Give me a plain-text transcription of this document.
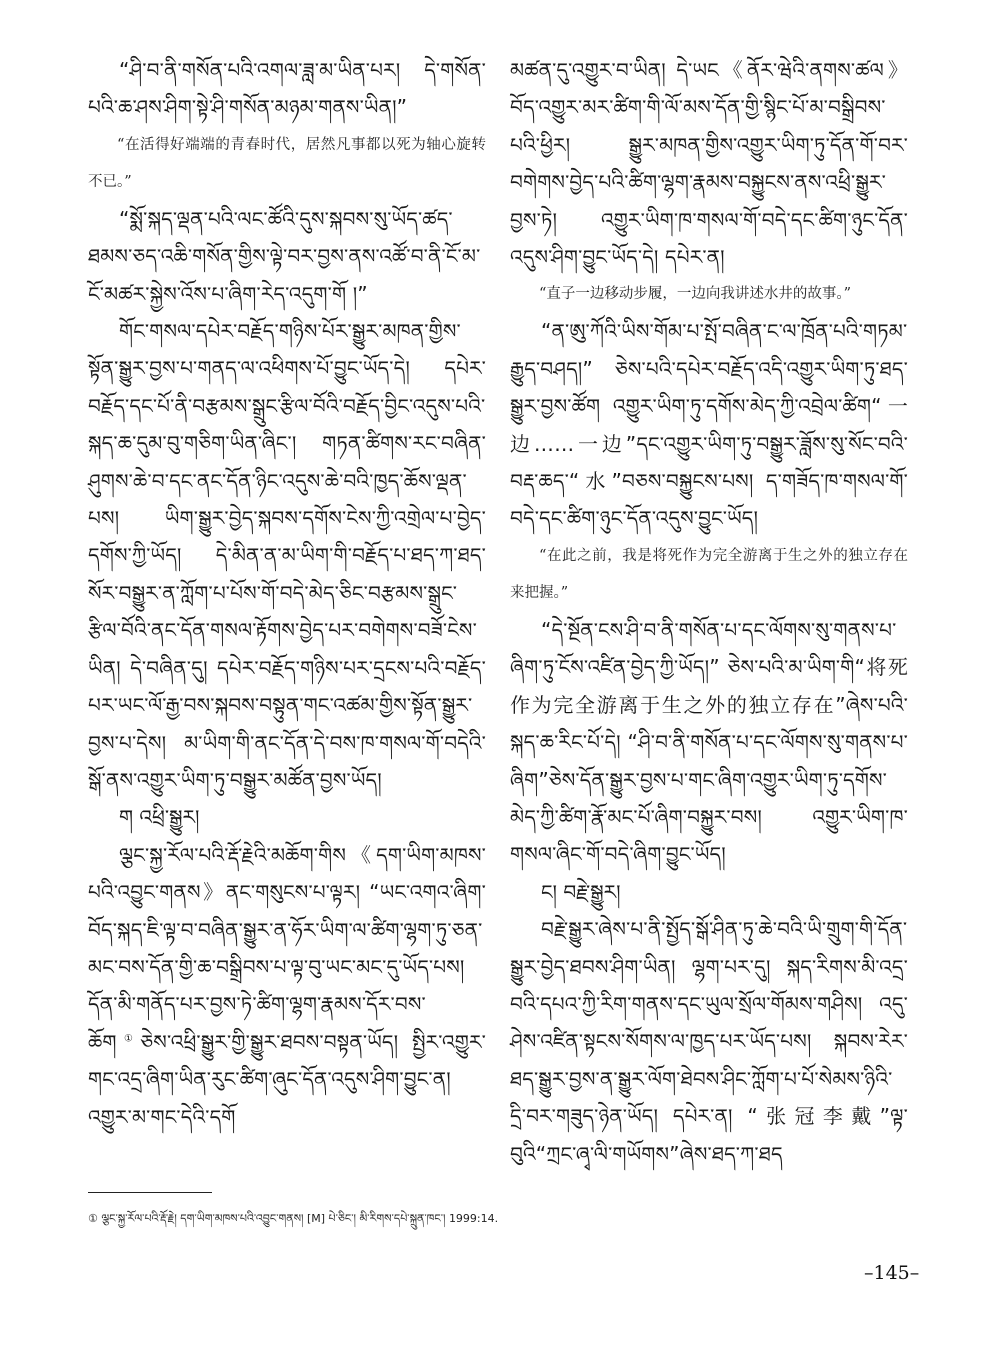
“ཤི་བ་ནི་གསོན་པའི་འགལ་ཟླ་མ་ཡིན་པར། དེ་གསོན་པའི་ཆ་ཤས་ཤིག་སྟེ་ཤི་གསོན་མཉམ་གནས་ཡིན།”

“在活得好端端的青春时代，居然凡事都以死为轴心旋转不已。”

“སྨོ་སྐད་ལྡན་པའི་ལང་ཚོའི་དུས་སྐབས་སུ་ཡོད་ཚད་ཐམས་ཅད་འཆི་གསོན་གྱིས་ལྟེ་བར་བྱས་ནས་འཚོ་བ་ནི་ངོ་མ་ངོ་མཚར་སྐྱེས་འོས་པ་ཞིག་རེད་འདུག་གོ །”

གོང་གསལ་དཔེར་བརྗོད་གཉིས་པོར་སྒྱུར་མཁན་གྱིས་སྟོན་སྒྱུར་བྱས་པ་གནད་ལ་འཕིགས་པོ་བྱུང་ཡོད་དེ། དཔེར་བརྗོད་དང་པོ་ནི་བརྩམས་སྒྲུང་རྩིལ་བོའི་བརྗོད་བྱིང་འདུས་པའི་སྐད་ཆ་དུམ་བུ་གཅིག་ཡིན་ཞིང་། གཏན་ཚིགས་རང་བཞིན་ཤུགས་ཆེ་བ་དང་ནང་དོན་ཉིང་འདུས་ཆེ་བའི་ཁྱད་ཆོས་ལྡན་པས། ཡིག་སྒྱུར་བྱེད་སྐབས་དགོས་ངེས་ཀྱི་འགྲེལ་པ་བྱེད་དགོས་ཀྱི་ཡོད། དེ་མིན་ན་མ་ཡིག་གི་བརྗོད་པ་ཐད་ཀ་ཐད་སོར་བསྒྱུར་ན་ཀློག་པ་པོས་གོ་བདེ་མེད་ཅིང་བརྩམས་སྒྲུང་རྩིལ་བོའི་ནང་དོན་གསལ་རྟོགས་བྱེད་པར་བགེགས་བཟོ་ངེས་ཡིན། དེ་བཞིན་དུ། དཔེར་བརྗོད་གཉིས་པར་དྲངས་པའི་བརྗོད་པར་ཡང་ལོ་རྒྱ་བས་སྐབས་བསྟུན་གང་འཚམ་གྱིས་སྟོན་སྒྱུར་བྱས་པ་དེས། མ་ཡིག་གི་ནང་དོན་དེ་བས་ཁ་གསལ་གོ་བདེའི་སྒོ་ནས་འགྱུར་ཡིག་ཏུ་བསྒྱུར་མཚོན་བྱས་ཡོད།

ག འཕྲི་སྒྱུར།

ལྕང་སྐྱ་རོལ་པའི་རྡོ་རྗེའི་མཆོག་གིས《དག་ཡིག་མཁས་པའི་འབྱུང་གནས》ནང་གསུངས་པ་ལྟར། “ཡང་འགའ་ཞིག་བོད་སྐད་ཇི་ལྟ་བ་བཞིན་སྒྱུར་ན་ཧོར་ཡིག་ལ་ཚིག་ལྷག་ཏུ་ཅན་མང་བས་དོན་གྱི་ཆ་བསྒྲིབས་པ་ལྟ་བུ་ཡང་མང་དུ་ཡོད་པས། དོན་མི་གནོད་པར་བྱས་ཏེ་ཚིག་ལྷག་རྣམས་དོར་བས་ཆོག①ཅེས་འཕྲི་སྒྱུར་གྱི་སྒྱུར་ཐབས་བསྟན་ཡོད། སྤྱིར་འགྱུར་གང་འདྲ་ཞིག་ཡིན་རུང་ཚིག་ཞུང་དོན་འདུས་ཤིག་བྱུང་ན། འགྱུར་མ་གང་དེའི་དགོ

མཚན་དུ་འགྱུར་བ་ཡིན། དེ་ཡང《ནོར་ཝེའི་ནགས་ཚལ》བོད་འགྱུར་མར་ཚིག་གི་ལོ་མས་དོན་གྱི་སྙིང་པོ་མ་བསྒྲིབས་པའི་ཕྱིར། སྒྱུར་མཁན་གྱིས་འགྱུར་ཡིག་ཏུ་དོན་གོ་བར་བགེགས་བྱེད་པའི་ཚིག་ལྷག་རྣམས་བསྐྱུངས་ནས་འཕྲི་སྒྱུར་བྱས་ཏེ། འགྱུར་ཡིག་ཁ་གསལ་གོ་བདེ་དང་ཚིག་ཉུང་དོན་འདུས་ཤིག་བྱུང་ཡོད་དེ། དཔེར་ན།

“直子一边移动步履，一边向我讲述水井的故事。”

“ན་ཨུ་ཀོའི་ཡིས་གོམ་པ་སྤོ་བཞིན་ང་ལ་ཁྲོན་པའི་གཏམ་རྒྱུད་བཤད།” ཅེས་པའི་དཔེར་བརྗོད་འདི་འགྱུར་ཡིག་ཏུ་ཐད་སྒྱུར་བྱས་ཚོག འགྱུར་ཡིག་ཏུ་དགོས་མེད་ཀྱི་འབྲེལ་ཚིག“一边……一边”དང་འགྱུར་ཡིག་ཏུ་བསྒྱུར་ཟློས་སུ་སོང་བའི་བརྡ་ཆད་“水”བཅས་བསྐྱུངས་པས། ད་གཟོད་ཁ་གསལ་གོ་བདེ་དང་ཚིག་ཉུང་དོན་འདུས་བྱུང་ཡོད།

“在此之前，我是将死作为完全游离于生之外的独立存在来把握。”

“དེ་སྔོན་ངས་ཤི་བ་ནི་གསོན་པ་དང་ལོགས་སུ་གནས་པ་ཞིག་ཏུ་ངོས་འཛིན་བྱེད་ཀྱི་ཡོད།” ཅེས་པའི་མ་ཡིག་གི“将死作为完全游离于生之外的独立存在”ཞེས་པའི་སྐད་ཆ་རིང་པོ་དེ། “ཤི་བ་ནི་གསོན་པ་དང་ལོགས་སུ་གནས་པ་ཞིག”ཅེས་དོན་སྒྱུར་བྱས་པ་གང་ཞིག་འགྱུར་ཡིག་ཏུ་དགོས་མེད་ཀྱི་ཚིག་རྣོ་མང་པོ་ཞིག་བསྐྱུར་བས། འགྱུར་ཡིག་ཁ་གསལ་ཞིང་གོ་བདེ་ཞིག་བྱུང་ཡོད།

ང། བརྗེ་སྒྱུར།

བརྗེ་སྒྱུར་ཞེས་པ་ནི་སྤྱོད་སྒོ་ཤིན་ཏུ་ཆེ་བའི་ཡི་གྲུག་གི་དོན་སྒྱུར་བྱེད་ཐབས་ཤིག་ཡིན། ལྷག་པར་དུ། སྐད་རིགས་མི་འདྲ་བའི་དཔའ་ཀྱི་རིག་གནས་དང་ཡུལ་སྲོལ་གོམས་གཤིས། འདུ་ཤེས་འཛིན་སྟངས་སོགས་ལ་ཁྱད་པར་ཡོད་པས། སྐབས་རེར་ཐད་སྒྱུར་བྱས་ན་སྒྱུར་ལོག་ཐེབས་ཤིང་ཀློག་པ་པོ་སེམས་ཉིའི་དྲི་བར་གཟུད་ཉེན་ཡོད། དཔེར་ན། “张冠李戴”ལྟ་བུའི“ཀྲང་ཞྭ་ལི་གཡོགས”ཞེས་ཐད་ཀ་ཐད

① ལྕང་སྐྱ་རོལ་པའི་རྡོ་རྗེ། དག་ཡིག་མཁས་པའི་འབྱུང་གནས། [M] པེ་ཅིང་། མི་རིགས་དཔེ་སྐྲུན་ཁང་། 1999:14.
–145–
